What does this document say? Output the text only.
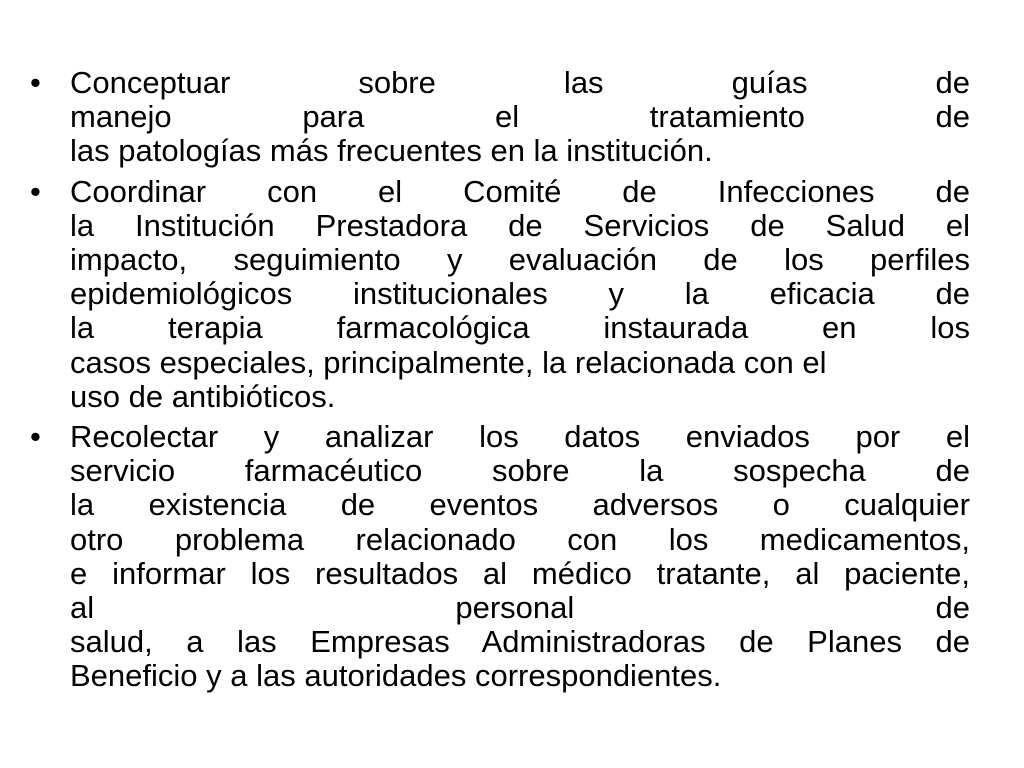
• Conceptuar sobre las guías de
manejo para el tratamiento de
las patologías más frecuentes en la institución.
• Coordinar con el Comité de Infecciones de
la Institución Prestadora de Servicios de Salud el
impacto, seguimiento y evaluación de los perfiles
epidemiológicos institucionales y la eficacia de
la terapia farmacológica instaurada en los
casos especiales, principalmente, la relacionada con el
uso de antibióticos.
• Recolectar y analizar los datos enviados por el
servicio farmacéutico sobre la sospecha de
la existencia de eventos adversos o cualquier
otro problema relacionado con los medicamentos,
e informar los resultados al médico tratante, al paciente,
al personal de
salud, a las Empresas Administradoras de Planes de
Beneficio y a las autoridades correspondientes.
